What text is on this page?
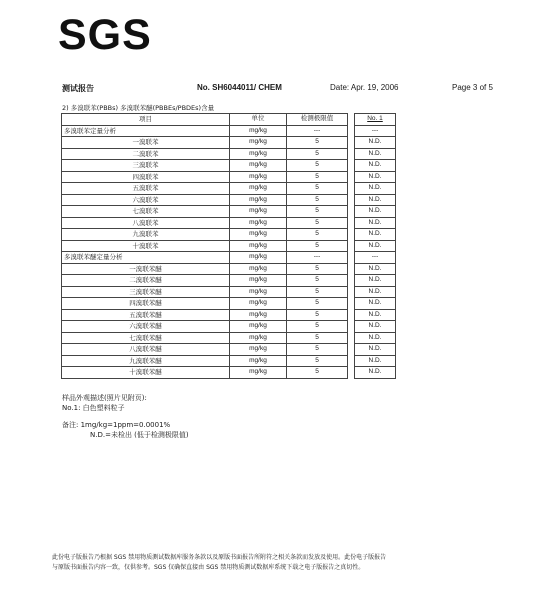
SGS
测试报告	No. SH6044011/ CHEM	Date: Apr. 19, 2006	Page 3 of 5
2) 多溴联苯(PBBs) 多溴联苯醚(PBBEs/PBDEs)含量
项目	单位	检测极限值		No. 1
多溴联苯定量分析	mg/kg	---		---
一溴联苯	mg/kg	5		N.D.
二溴联苯	mg/kg	5		N.D.
三溴联苯	mg/kg	5		N.D.
四溴联苯	mg/kg	5		N.D.
五溴联苯	mg/kg	5		N.D.
六溴联苯	mg/kg	5		N.D.
七溴联苯	mg/kg	5		N.D.
八溴联苯	mg/kg	5		N.D.
九溴联苯	mg/kg	5		N.D.
十溴联苯	mg/kg	5		N.D.
多溴联苯醚定量分析	mg/kg	---		---
一溴联苯醚	mg/kg	5		N.D.
二溴联苯醚	mg/kg	5		N.D.
三溴联苯醚	mg/kg	5		N.D.
四溴联苯醚	mg/kg	5		N.D.
五溴联苯醚	mg/kg	5		N.D.
六溴联苯醚	mg/kg	5		N.D.
七溴联苯醚	mg/kg	5		N.D.
八溴联苯醚	mg/kg	5		N.D.
九溴联苯醚	mg/kg	5		N.D.
十溴联苯醚	mg/kg	5		N.D.
样品外观描述(照片见附页):
No.1: 白色塑料粒子
备注: 1mg/kg=1ppm=0.0001%
N.D.=未检出 (低于检测极限值)
此份电子版报告乃根据 SGS 禁用物质测试数据库服务条款以及原版书面报告所附符之相关条款而发放及使用。此份电子版报告
与原版书面报告内容一致，仅供参考。SGS 仅确保直接由 SGS 禁用物质测试数据库系统下载之电子版报告之真切性。
